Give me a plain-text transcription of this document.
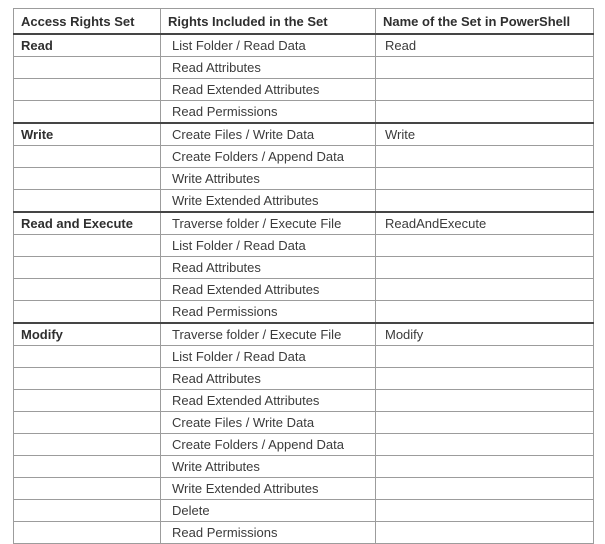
Access Rights Set	Rights Included in the Set	Name of the Set in PowerShell
Read	List Folder / Read Data	Read
	Read Attributes	
	Read Extended Attributes	
	Read Permissions	
Write	Create Files / Write Data	Write
	Create Folders / Append Data	
	Write Attributes	
	Write Extended Attributes	
Read and Execute	Traverse folder / Execute File	ReadAndExecute
	List Folder / Read Data	
	Read Attributes	
	Read Extended Attributes	
	Read Permissions	
Modify	Traverse folder / Execute File	Modify
	List Folder / Read Data	
	Read Attributes	
	Read Extended Attributes	
	Create Files / Write Data	
	Create Folders / Append Data	
	Write Attributes	
	Write Extended Attributes	
	Delete	
	Read Permissions	
